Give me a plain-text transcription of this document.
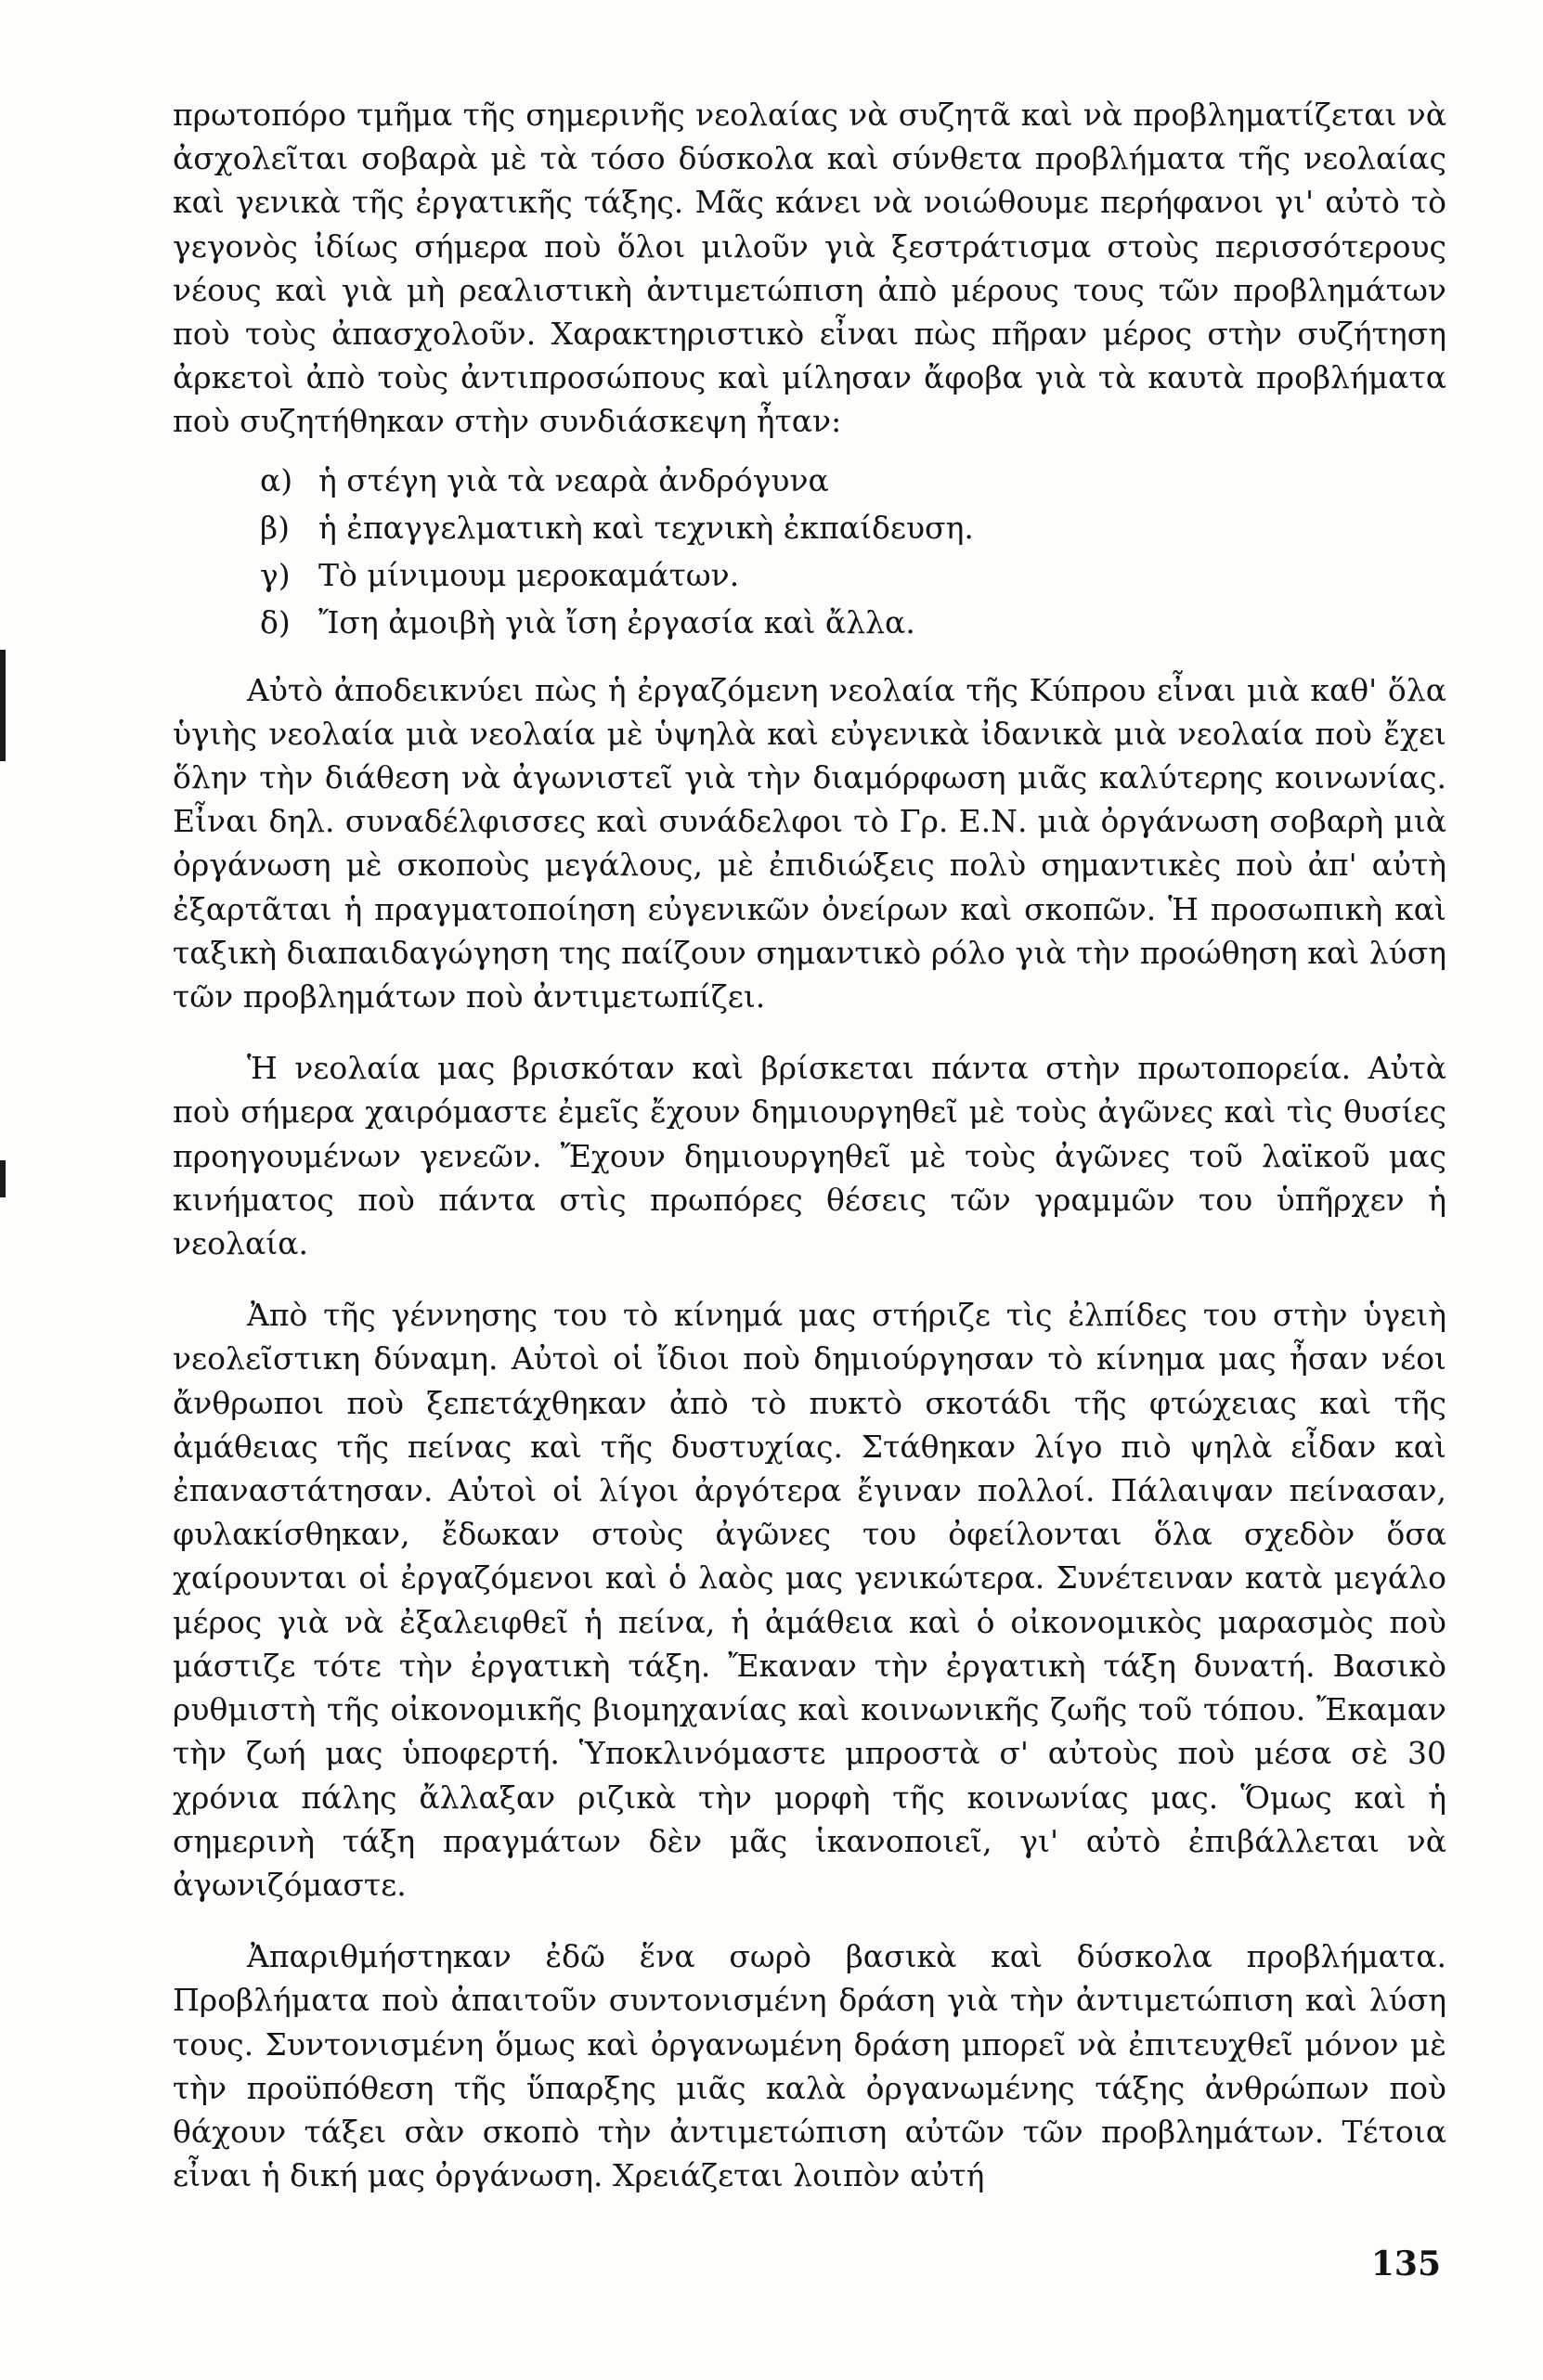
πρωτοπόρο τμῆμα τῆς σημερινῆς νεολαίας νὰ συζητᾶ καὶ νὰ προβληματίζεται νὰ ἀσχολεῖται σοβαρὰ μὲ τὰ τόσο δύσκολα καὶ σύνθετα προβλήματα τῆς νεολαίας καὶ γενικὰ τῆς ἐργατικῆς τάξης. Μᾶς κάνει νὰ νοιώθουμε περήφανοι γι' αὐτὸ τὸ γεγονὸς ἰδίως σήμερα ποὺ ὅλοι μιλοῦν γιὰ ξεστράτισμα στοὺς περισσότερους νέους καὶ γιὰ μὴ ρεαλιστικὴ ἀντιμετώπιση ἀπὸ μέρους τους τῶν προβλημάτων ποὺ τοὺς ἀπασχολοῦν. Χαρακτηριστικὸ εἶναι πὼς πῆραν μέρος στὴν συζήτηση ἀρκετοὶ ἀπὸ τοὺς ἀντιπροσώπους καὶ μίλησαν ἄφοβα γιὰ τὰ καυτὰ προβλήματα ποὺ συζητήθηκαν στὴν συνδιάσκεψη ἦταν:

α) ἡ στέγη γιὰ τὰ νεαρὰ ἀνδρόγυνα
β) ἡ ἐπαγγελματικὴ καὶ τεχνικὴ ἐκπαίδευση.
γ) Τὸ μίνιμουμ μεροκαμάτων.
δ) Ἴση ἀμοιβὴ γιὰ ἴση ἐργασία καὶ ἄλλα.

Αὐτὸ ἀποδεικνύει πὼς ἡ ἐργαζόμενη νεολαία τῆς Κύπρου εἶναι μιὰ καθ' ὅλα ὑγιὴς νεολαία μιὰ νεολαία μὲ ὑψηλὰ καὶ εὐγενικὰ ἰδανικὰ μιὰ νεολαία ποὺ ἔχει ὅλην τὴν διάθεση νὰ ἀγωνιστεῖ γιὰ τὴν διαμόρφωση μιᾶς καλύτερης κοινωνίας. Εἶναι δηλ. συναδέλφισσες καὶ συνάδελφοι τὸ Γρ. Ε.Ν. μιὰ ὀργάνωση σοβαρὴ μιὰ ὀργάνωση μὲ σκοποὺς μεγάλους, μὲ ἐπιδιώξεις πολὺ σημαντικὲς ποὺ ἀπ' αὐτὴ ἐξαρτᾶται ἡ πραγματοποίηση εὐγενικῶν ὀνείρων καὶ σκοπῶν. Ἡ προσωπικὴ καὶ ταξικὴ διαπαιδαγώγηση της παίζουν σημαντικὸ ρόλο γιὰ τὴν προώθηση καὶ λύση τῶν προβλημάτων ποὺ ἀντιμετωπίζει.

Ἡ νεολαία μας βρισκόταν καὶ βρίσκεται πάντα στὴν πρωτοπορεία. Αὐτὰ ποὺ σήμερα χαιρόμαστε ἐμεῖς ἔχουν δημιουργηθεῖ μὲ τοὺς ἀγῶνες καὶ τὶς θυσίες προηγουμένων γενεῶν. Ἔχουν δημιουργηθεῖ μὲ τοὺς ἀγῶνες τοῦ λαϊκοῦ μας κινήματος ποὺ πάντα στὶς πρωπόρες θέσεις τῶν γραμμῶν του ὑπῆρχεν ἡ νεολαία.

Ἀπὸ τῆς γέννησης του τὸ κίνημά μας στήριζε τὶς ἐλπίδες του στὴν ὑγειὴ νεολεῖστικη δύναμη. Αὐτοὶ οἱ ἴδιοι ποὺ δημιούργησαν τὸ κίνημα μας ἦσαν νέοι ἄνθρωποι ποὺ ξεπετάχθηκαν ἀπὸ τὸ πυκτὸ σκοτάδι τῆς φτώχειας καὶ τῆς ἀμάθειας τῆς πείνας καὶ τῆς δυστυχίας. Στάθηκαν λίγο πιὸ ψηλὰ εἶδαν καὶ ἐπαναστάτησαν. Αὐτοὶ οἱ λίγοι ἀργότερα ἔγιναν πολλοί. Πάλαιψαν πείνασαν, φυλακίσθηκαν, ἔδωκαν στοὺς ἀγῶνες του ὀφείλονται ὅλα σχεδὸν ὅσα χαίρουνται οἱ ἐργαζόμενοι καὶ ὁ λαὸς μας γενικώτερα. Συνέτειναν κατὰ μεγάλο μέρος γιὰ νὰ ἐξαλειφθεῖ ἡ πείνα, ἡ ἀμάθεια καὶ ὁ οἰκονομικὸς μαρασμὸς ποὺ μάστιζε τότε τὴν ἐργατικὴ τάξη. Ἔκαναν τὴν ἐργατικὴ τάξη δυνατή. Βασικὸ ρυθμιστὴ τῆς οἰκονομικῆς βιομηχανίας καὶ κοινωνικῆς ζωῆς τοῦ τόπου. Ἔκαμαν τὴν ζωή μας ὑποφερτή. Ὑποκλινόμαστε μπροστὰ σ' αὐτοὺς ποὺ μέσα σὲ 30 χρόνια πάλης ἄλλαξαν ριζικὰ τὴν μορφὴ τῆς κοινωνίας μας. Ὅμως καὶ ἡ σημερινὴ τάξη πραγμάτων δὲν μᾶς ἱκανοποιεῖ, γι' αὐτὸ ἐπιβάλλεται νὰ ἀγωνιζόμαστε.

Ἀπαριθμήστηκαν ἐδῶ ἕνα σωρὸ βασικὰ καὶ δύσκολα προβλήματα. Προβλήματα ποὺ ἀπαιτοῦν συντονισμένη δράση γιὰ τὴν ἀντιμετώπιση καὶ λύση τους. Συντονισμένη ὅμως καὶ ὀργανωμένη δράση μπορεῖ νὰ ἐπιτευχθεῖ μόνον μὲ τὴν προϋπόθεση τῆς ὕπαρξης μιᾶς καλὰ ὀργανωμένης τάξης ἀνθρώπων ποὺ θάχουν τάξει σὰν σκοπὸ τὴν ἀντιμετώπιση αὐτῶν τῶν προβλημάτων. Τέτοια εἶναι ἡ δική μας ὀργάνωση. Χρειάζεται λοιπὸν αὐτή

135
